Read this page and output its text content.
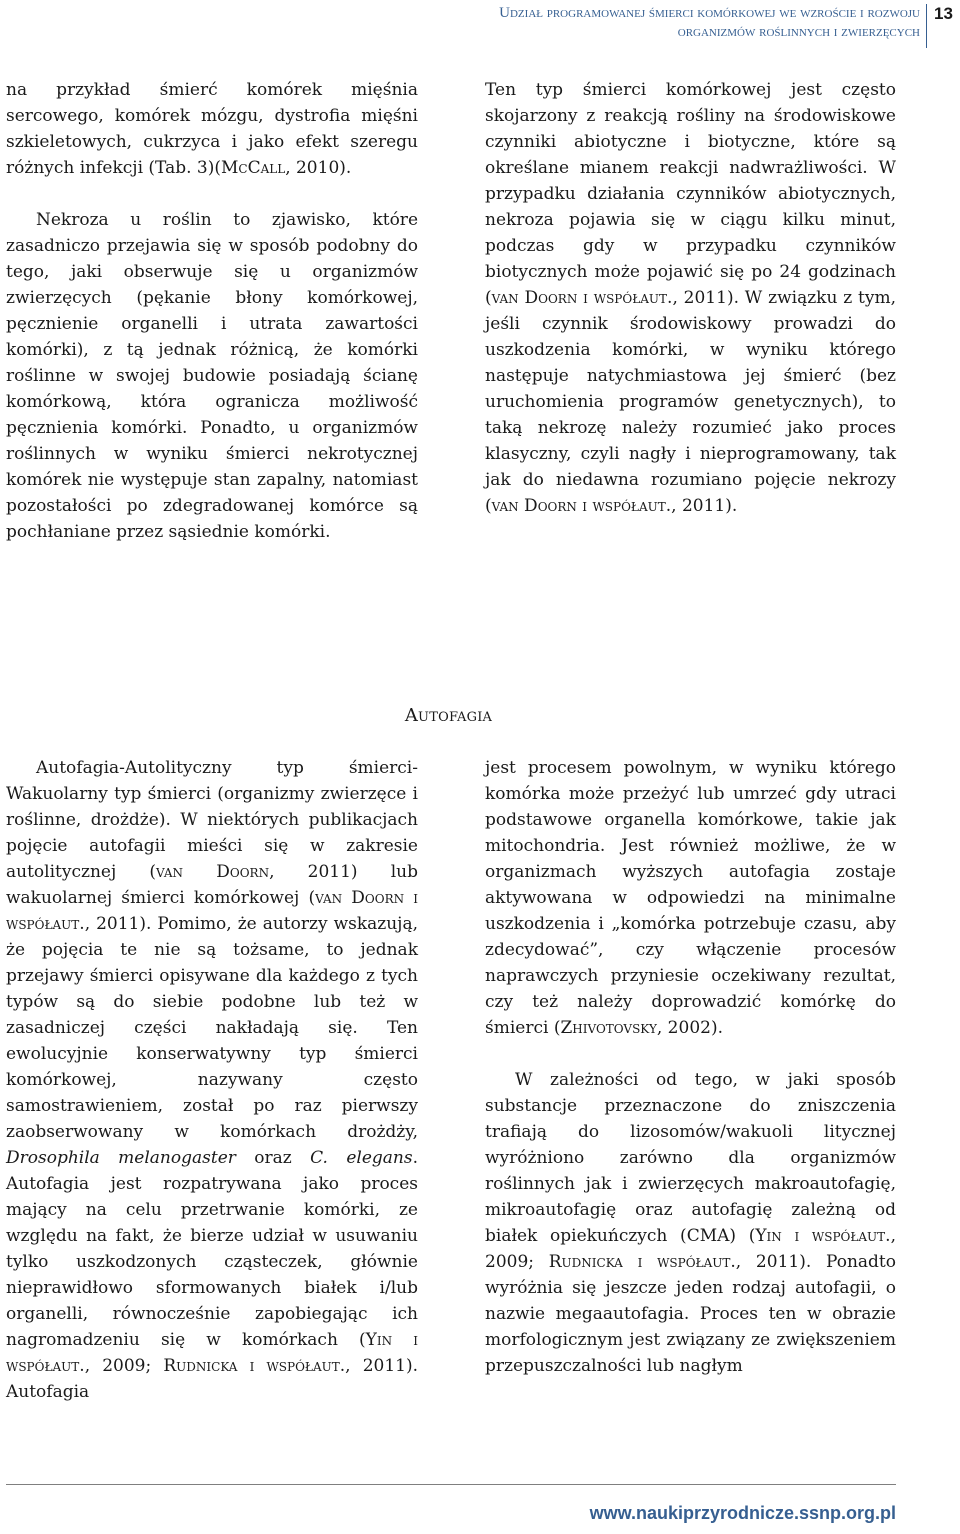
Udział programowanej śmierci komórkowej we wzroście i rozwoju
organizmów roślinnych i zwierzęcych
13

na przykład śmierć komórek mięśnia sercowego, komórek mózgu, dystrofia mięśni szkieletowych, cukrzyca i jako efekt szeregu różnych infekcji (Tab. 3)(McCall, 2010).

Nekroza u roślin to zjawisko, które zasadniczo przejawia się w sposób podobny do tego, jaki obserwuje się u organizmów zwierzęcych (pękanie błony komórkowej, pęcznienie organelli i utrata zawartości komórki), z tą jednak różnicą, że komórki roślinne w swojej budowie posiadają ścianę komórkową, która ogranicza możliwość pęcznienia komórki. Ponadto, u organizmów roślinnych w wyniku śmierci nekrotycznej komórek nie występuje stan zapalny, natomiast pozostałości po zdegradowanej komórce są pochłaniane przez sąsiednie komórki.

Ten typ śmierci komórkowej jest często skojarzony z reakcją rośliny na środowiskowe czynniki abiotyczne i biotyczne, które są określane mianem reakcji nadwrażliwości. W przypadku działania czynników abiotycznych, nekroza pojawia się w ciągu kilku minut, podczas gdy w przypadku czynników biotycznych może pojawić się po 24 godzinach (van Doorn i współaut., 2011). W związku z tym, jeśli czynnik środowiskowy prowadzi do uszkodzenia komórki, w wyniku którego następuje natychmiastowa jej śmierć (bez uruchomienia programów genetycznych), to taką nekrozę należy rozumieć jako proces klasyczny, czyli nagły i nieprogramowany, tak jak do niedawna rozumiano pojęcie nekrozy (van Doorn i współaut., 2011).

Autofagia

Autofagia-Autolityczny typ śmierci-Wakuolarny typ śmierci (organizmy zwierzęce i roślinne, drożdże). W niektórych publikacjach pojęcie autofagii mieści się w zakresie autolitycznej (van Doorn, 2011) lub wakuolarnej śmierci komórkowej (van Doorn i współaut., 2011). Pomimo, że autorzy wskazują, że pojęcia te nie są tożsame, to jednak przejawy śmierci opisywane dla każdego z tych typów są do siebie podobne lub też w zasadniczej części nakładają się. Ten ewolucyjnie konserwatywny typ śmierci komórkowej, nazywany często samostrawieniem, został po raz pierwszy zaobserwowany w komórkach drożdży, Drosophila melanogaster oraz C. elegans. Autofagia jest rozpatrywana jako proces mający na celu przetrwanie komórki, ze względu na fakt, że bierze udział w usuwaniu tylko uszkodzonych cząsteczek, głównie nieprawidłowo sformowanych białek i/lub organelli, równocześnie zapobiegając ich nagromadzeniu się w komórkach (Yin i współaut., 2009; Rudnicka i współaut., 2011). Autofagia

jest procesem powolnym, w wyniku którego komórka może przeżyć lub umrzeć gdy utraci podstawowe organella komórkowe, takie jak mitochondria. Jest również możliwe, że w organizmach wyższych autofagia zostaje aktywowana w odpowiedzi na minimalne uszkodzenia i „komórka potrzebuje czasu, aby zdecydować”, czy włączenie procesów naprawczych przyniesie oczekiwany rezultat, czy też należy doprowadzić komórkę do śmierci (Zhivotovsky, 2002).

W zależności od tego, w jaki sposób substancje przeznaczone do zniszczenia trafiają do lizosomów/wakuoli litycznej wyróżniono zarówno dla organizmów roślinnych jak i zwierzęcych makroautofagię, mikroautofagię oraz autofagię zależną od białek opiekuńczych (CMA) (Yin i współaut., 2009; Rudnicka i współaut., 2011). Ponadto wyróżnia się jeszcze jeden rodzaj autofagii, o nazwie megaautofagia. Proces ten w obrazie morfologicznym jest związany ze zwiększeniem przepuszczalności lub nagłym

www.naukiprzyrodnicze.ssnp.org.pl
